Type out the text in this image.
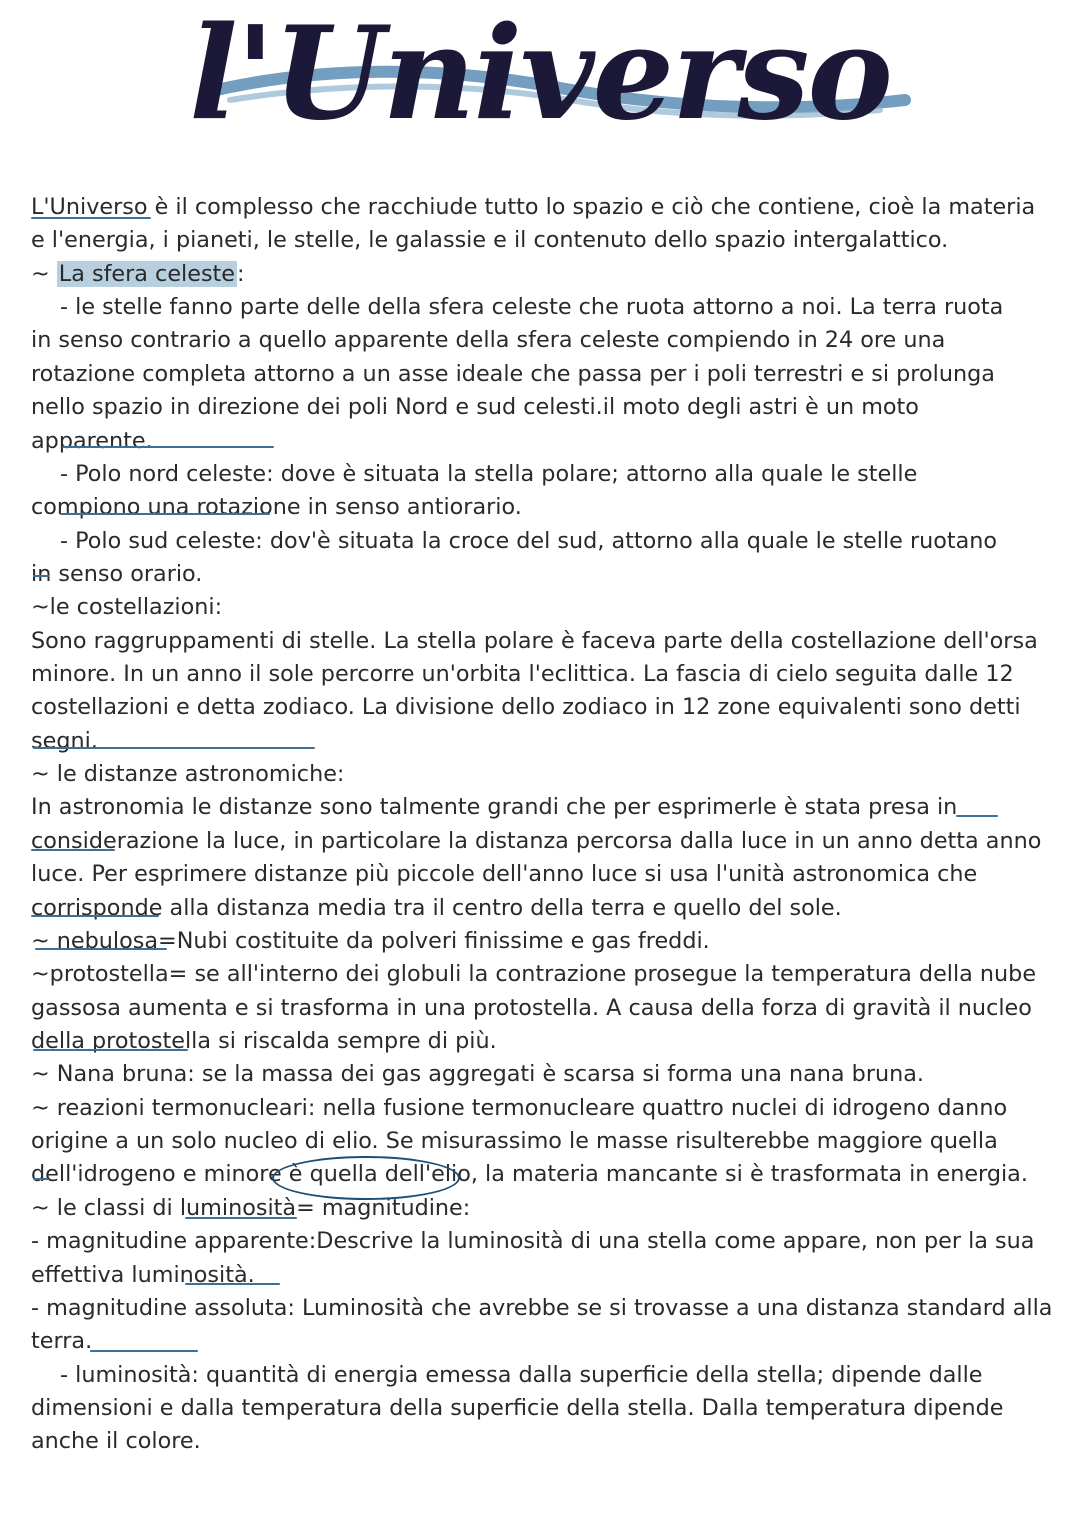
l'Universo
L'Universo è il complesso che racchiude tutto lo spazio e ciò che contiene, cioè la materia
e l'energia, i pianeti, le stelle, le galassie e il contenuto dello spazio intergalattico.
~ La sfera celeste:
- le stelle fanno parte delle della sfera celeste che ruota attorno a noi. La terra ruota
in senso contrario a quello apparente della sfera celeste compiendo in 24 ore una
rotazione completa attorno a un asse ideale che passa per i poli terrestri e si prolunga
nello spazio in direzione dei poli Nord e sud celesti.il moto degli astri è un moto
apparente.
- Polo nord celeste: dove è situata la stella polare; attorno alla quale le stelle
compiono una rotazione in senso antiorario.
- Polo sud celeste: dov'è situata la croce del sud, attorno alla quale le stelle ruotano
in senso orario.
~le costellazioni:
Sono raggruppamenti di stelle. La stella polare è faceva parte della costellazione dell'orsa
minore. In un anno il sole percorre un'orbita l'eclittica. La fascia di cielo seguita dalle 12
costellazioni e detta zodiaco. La divisione dello zodiaco in 12 zone equivalenti sono detti
segni.
~ le distanze astronomiche:
In astronomia le distanze sono talmente grandi che per esprimerle è stata presa in
considerazione la luce, in particolare la distanza percorsa dalla luce in un anno detta anno
luce. Per esprimere distanze più piccole dell'anno luce si usa l'unità astronomica che
corrisponde alla distanza media tra il centro della terra e quello del sole.
~ nebulosa=Nubi costituite da polveri finissime e gas freddi.
~protostella= se all'interno dei globuli la contrazione prosegue la temperatura della nube
gassosa aumenta e si trasforma in una protostella. A causa della forza di gravità il nucleo
della protostella si riscalda sempre di più.
~ Nana bruna: se la massa dei gas aggregati è scarsa si forma una nana bruna.
~ reazioni termonucleari: nella fusione termonucleare quattro nuclei di idrogeno danno
origine a un solo nucleo di elio. Se misurassimo le masse risulterebbe maggiore quella
dell'idrogeno e minore è quella dell'elio, la materia mancante si è trasformata in energia.
~ le classi di luminosità= magnitudine:
- magnitudine apparente:Descrive la luminosità di una stella come appare, non per la sua
effettiva luminosità.
- magnitudine assoluta: Luminosità che avrebbe se si trovasse a una distanza standard alla
terra.
- luminosità: quantità di energia emessa dalla superficie della stella; dipende dalle
dimensioni e dalla temperatura della superficie della stella. Dalla temperatura dipende
anche il colore.
